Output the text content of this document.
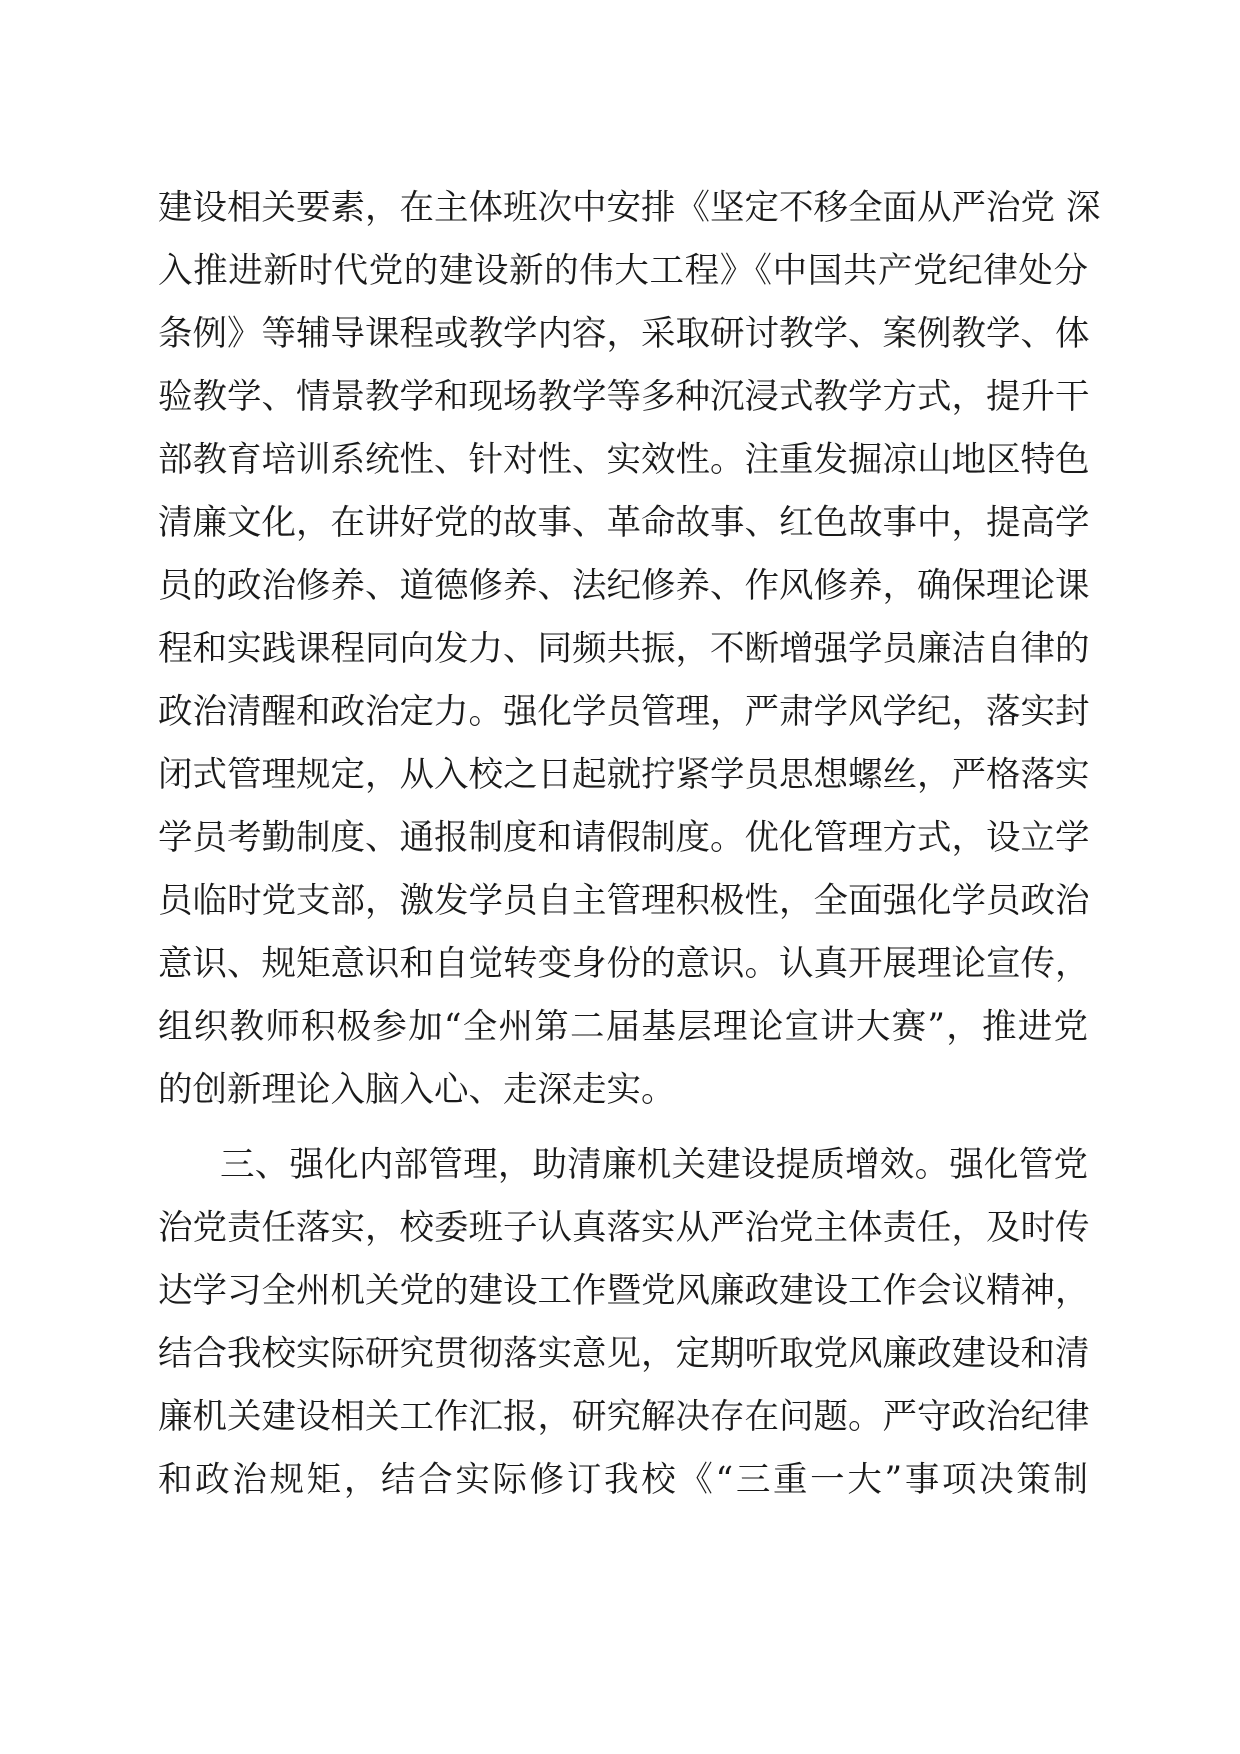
建设相关要素，在主体班次中安排《坚定不移全面从严治党 深
入推进新时代党的建设新的伟大工程》《中国共产党纪律处分
条例》等辅导课程或教学内容，采取研讨教学、案例教学、体
验教学、情景教学和现场教学等多种沉浸式教学方式，提升干
部教育培训系统性、针对性、实效性。注重发掘凉山地区特色
清廉文化，在讲好党的故事、革命故事、红色故事中，提高学
员的政治修养、道德修养、法纪修养、作风修养，确保理论课
程和实践课程同向发力、同频共振，不断增强学员廉洁自律的
政治清醒和政治定力。强化学员管理，严肃学风学纪，落实封
闭式管理规定，从入校之日起就拧紧学员思想螺丝，严格落实
学员考勤制度、通报制度和请假制度。优化管理方式，设立学
员临时党支部，激发学员自主管理积极性，全面强化学员政治
意识、规矩意识和自觉转变身份的意识。认真开展理论宣传，
组织教师积极参加“全州第二届基层理论宣讲大赛”，推进党
的创新理论入脑入心、走深走实。
三、强化内部管理，助清廉机关建设提质增效。强化管党
治党责任落实，校委班子认真落实从严治党主体责任，及时传
达学习全州机关党的建设工作暨党风廉政建设工作会议精神，
结合我校实际研究贯彻落实意见，定期听取党风廉政建设和清
廉机关建设相关工作汇报，研究解决存在问题。严守政治纪律
和政治规矩，结合实际修订我校《“三重一大”事项决策制
